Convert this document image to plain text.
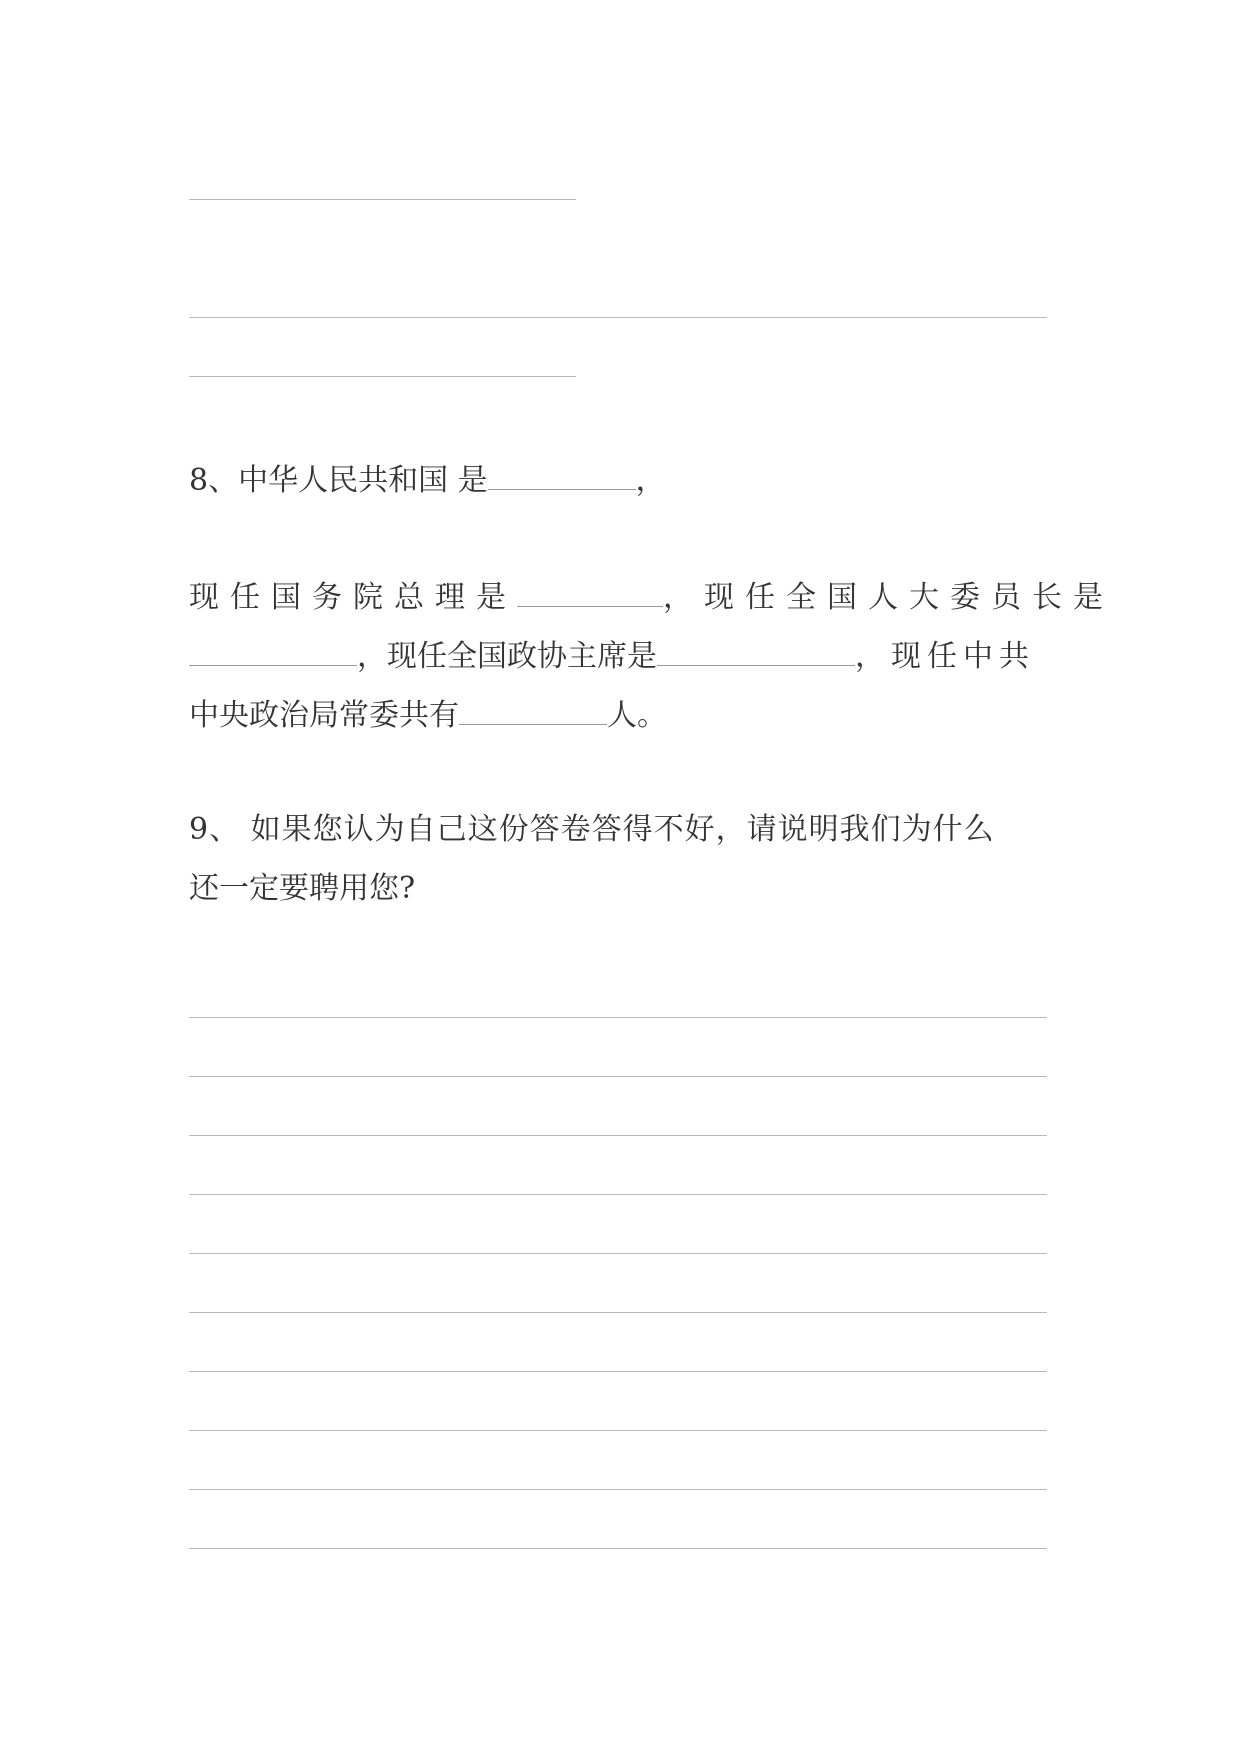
8、中华人民共和国 是	，
现任国务院总理是	，现任全国人大委员长是
，现任全国政协主席是	，现任中共
中央政治局常委共有	人。
9、 如果您认为自己这份答卷答得不好，请说明我们为什么
还一定要聘用您?
